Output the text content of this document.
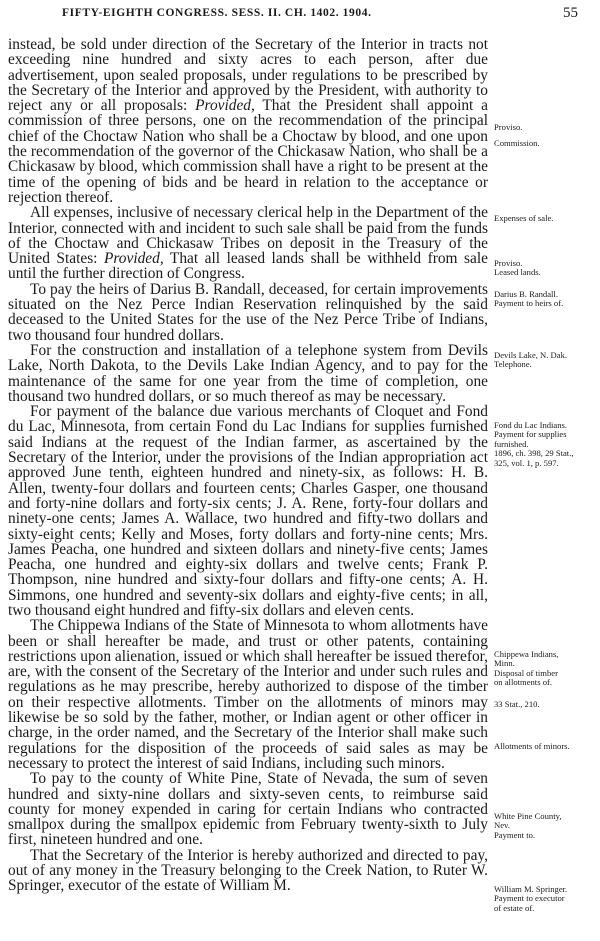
FIFTY-EIGHTH CONGRESS. SESS. II. CH. 1402. 1904.	55

instead, be sold under direction of the Secretary of the Interior in tracts not exceeding nine hundred and sixty acres to each person, after due advertisement, upon sealed proposals, under regulations to be prescribed by the Secretary of the Interior and approved by the President, with authority to reject any or all proposals: Provided, That the President shall appoint a commission of three persons, one on the recommendation of the principal chief of the Choctaw Nation who shall be a Choctaw by blood, and one upon the recommendation of the governor of the Chickasaw Nation, who shall be a Chickasaw by blood, which commission shall have a right to be present at the time of the opening of bids and be heard in relation to the acceptance or rejection thereof.

All expenses, inclusive of necessary clerical help in the Department of the Interior, connected with and incident to such sale shall be paid from the funds of the Choctaw and Chickasaw Tribes on deposit in the Treasury of the United States: Provided, That all leased lands shall be withheld from sale until the further direction of Congress.

To pay the heirs of Darius B. Randall, deceased, for certain improvements situated on the Nez Perce Indian Reservation relinquished by the said deceased to the United States for the use of the Nez Perce Tribe of Indians, two thousand four hundred dollars.

For the construction and installation of a telephone system from Devils Lake, North Dakota, to the Devils Lake Indian Agency, and to pay for the maintenance of the same for one year from the time of completion, one thousand two hundred dollars, or so much thereof as may be necessary.

For payment of the balance due various merchants of Cloquet and Fond du Lac, Minnesota, from certain Fond du Lac Indians for supplies furnished said Indians at the request of the Indian farmer, as ascertained by the Secretary of the Interior, under the provisions of the Indian appropriation act approved June tenth, eighteen hundred and ninety-six, as follows: H. B. Allen, twenty-four dollars and fourteen cents; Charles Gasper, one thousand and forty-nine dollars and forty-six cents; J. A. Rene, forty-four dollars and ninety-one cents; James A. Wallace, two hundred and fifty-two dollars and sixty-eight cents; Kelly and Moses, forty dollars and forty-nine cents; Mrs. James Peacha, one hundred and sixteen dollars and ninety-five cents; James Peacha, one hundred and eighty-six dollars and twelve cents; Frank P. Thompson, nine hundred and sixty-four dollars and fifty-one cents; A. H. Simmons, one hundred and seventy-six dollars and eighty-five cents; in all, two thousand eight hundred and fifty-six dollars and eleven cents.

The Chippewa Indians of the State of Minnesota to whom allotments have been or shall hereafter be made, and trust or other patents, containing restrictions upon alienation, issued or which shall hereafter be issued therefor, are, with the consent of the Secretary of the Interior and under such rules and regulations as he may prescribe, hereby authorized to dispose of the timber on their respective allotments. Timber on the allotments of minors may likewise be so sold by the father, mother, or Indian agent or other officer in charge, in the order named, and the Secretary of the Interior shall make such regulations for the disposition of the proceeds of said sales as may be necessary to protect the interest of said Indians, including such minors.

To pay to the county of White Pine, State of Nevada, the sum of seven hundred and sixty-nine dollars and sixty-seven cents, to reimburse said county for money expended in caring for certain Indians who contracted smallpox during the smallpox epidemic from February twenty-sixth to July first, nineteen hundred and one.

That the Secretary of the Interior is hereby authorized and directed to pay, out of any money in the Treasury belonging to the Creek Nation, to Ruter W. Springer, executor of the estate of William M.

Proviso.
Commission.
Expenses of sale.
Proviso.
Leased lands.
Darius B. Randall.
Payment to heirs of.
Devils Lake, N. Dak.
Telephone.
Fond du Lac Indians.
Payment for supplies
furnished.
1896, ch. 398, 29 Stat.,
325, vol. 1, p. 597.
Chippewa Indians,
Minn.
Disposal of timber
on allotments of.
33 Stat., 210.
Allotments of minors.
White Pine County,
Nev.
Payment to.
William M. Springer.
Payment to executor
of estate of.
